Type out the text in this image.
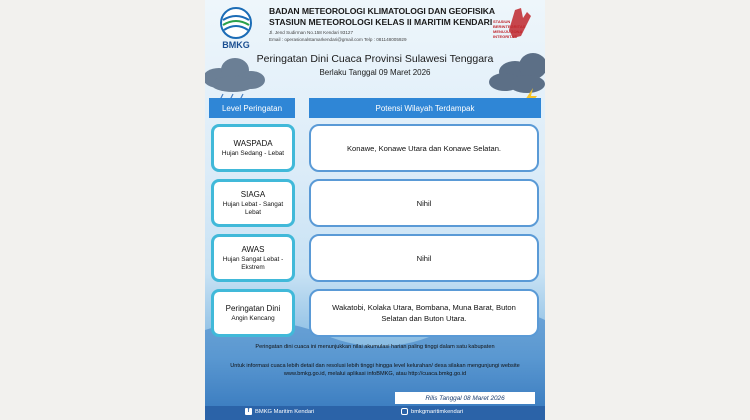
BMKG
BADAN METEOROLOGI KLIMATOLOGI DAN GEOFISIKA
STASIUN METEOROLOGI KELAS II MARITIM KENDARI
Jl. Jend Sudirman No.158 Kendari 93127
Email : operasionalstamarkendari@gmail.com Telp : 081148005929
STASIUN BERINTEGRITAS MENUJU ZONA INTEGRITAS
Peringatan Dini Cuaca Provinsi Sulawesi Tenggara
Berlaku Tanggal 09 Maret 2026
Level Peringatan	Potensi Wilayah Terdampak
WASPADA
Hujan Sedang - Lebat
Konawe, Konawe Utara dan Konawe Selatan.
SIAGA
Hujan Lebat - Sangat Lebat
Nihil
AWAS
Hujan Sangat Lebat - Ekstrem
Nihil
Peringatan Dini
Angin Kencang
Wakatobi, Kolaka Utara, Bombana, Muna Barat, Buton Selatan dan Buton Utara.
Peringatan dini cuaca ini menunjukkan nilai akumulasi harian paling tinggi dalam satu kabupaten
Untuk informasi cuaca lebih detail dan resolusi lebih tinggi hingga level kelurahan/ desa silakan mengunjungi website www.bmkg.go.id, melalui aplikasi infoBMKG, atau http://cuaca.bmkg.go.id
Rilis Tanggal 08 Maret 2026
f BMKG Maritim Kendari	bmkgmaritimkendari
